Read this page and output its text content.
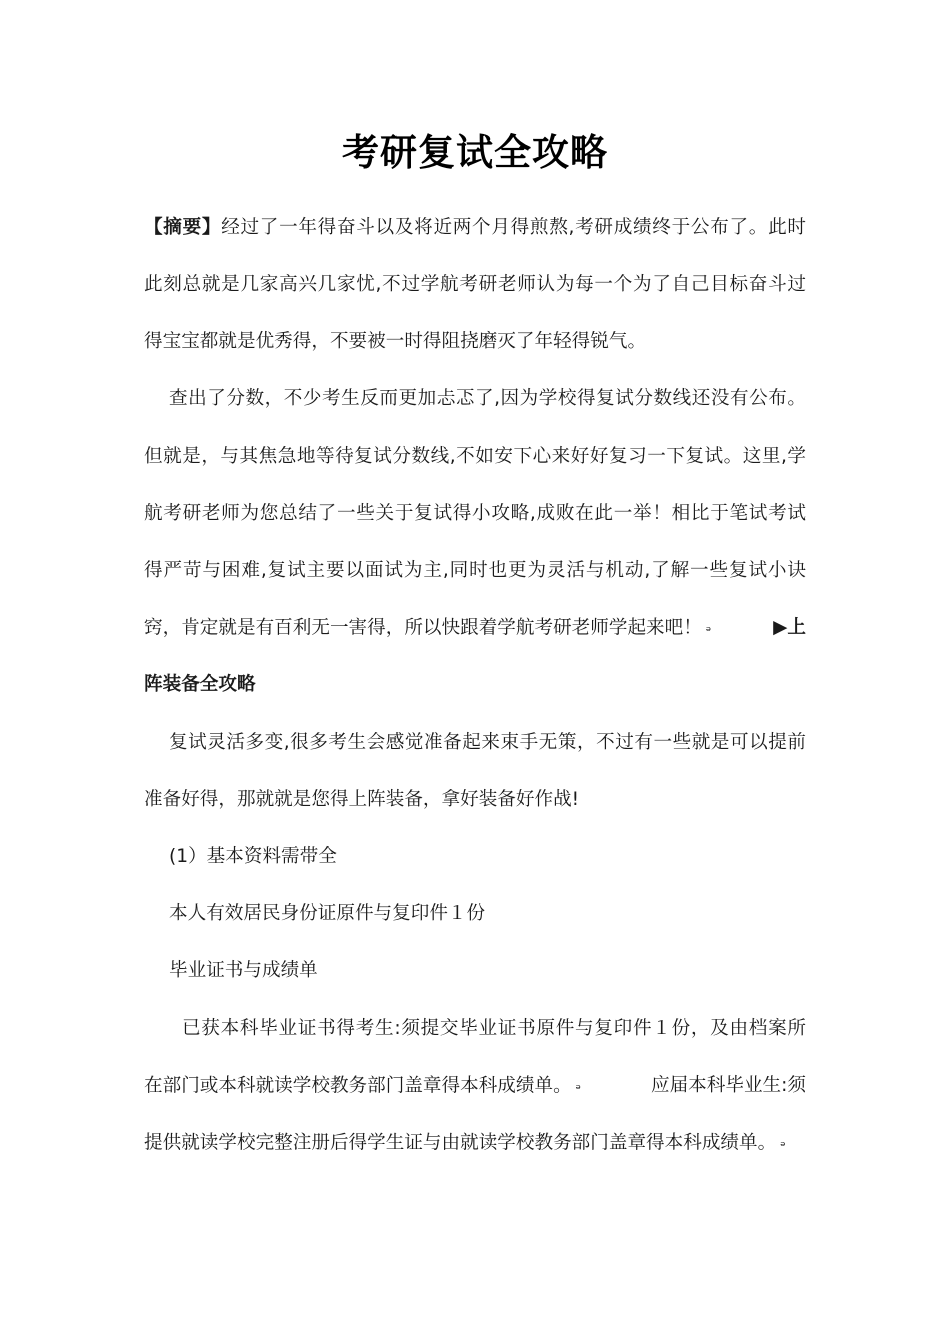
考研复试全攻略
【摘要】经过了一年得奋斗以及将近两个月得煎熬,考研成绩终于公布了。此时
此刻总就是几家高兴几家忧,不过学航考研老师认为每一个为了自己目标奋斗过
得宝宝都就是优秀得，不要被一时得阻挠磨灭了年轻得锐气。
查出了分数，不少考生反而更加忐忑了,因为学校得复试分数线还没有公布。
但就是，与其焦急地等待复试分数线,不如安下心来好好复习一下复试。这里,学
航考研老师为您总结了一些关于复试得小攻略,成败在此一举！相比于笔试考试
得严苛与困难,复试主要以面试为主,同时也更为灵活与机动,了解一些复试小诀
窍，肯定就是有百利无一害得，所以快跟着学航考研老师学起来吧！ ₔ	▶上
阵装备全攻略
复试灵活多变,很多考生会感觉准备起来束手无策，不过有一些就是可以提前
准备好得，那就就是您得上阵装备，拿好装备好作战!
(1）基本资料需带全
本人有效居民身份证原件与复印件１份
毕业证书与成绩单
已获本科毕业证书得考生:须提交毕业证书原件与复印件１份，及由档案所
在部门或本科就读学校教务部门盖章得本科成绩单。 ₔ	应届本科毕业生:须
提供就读学校完整注册后得学生证与由就读学校教务部门盖章得本科成绩单。 ₔ
